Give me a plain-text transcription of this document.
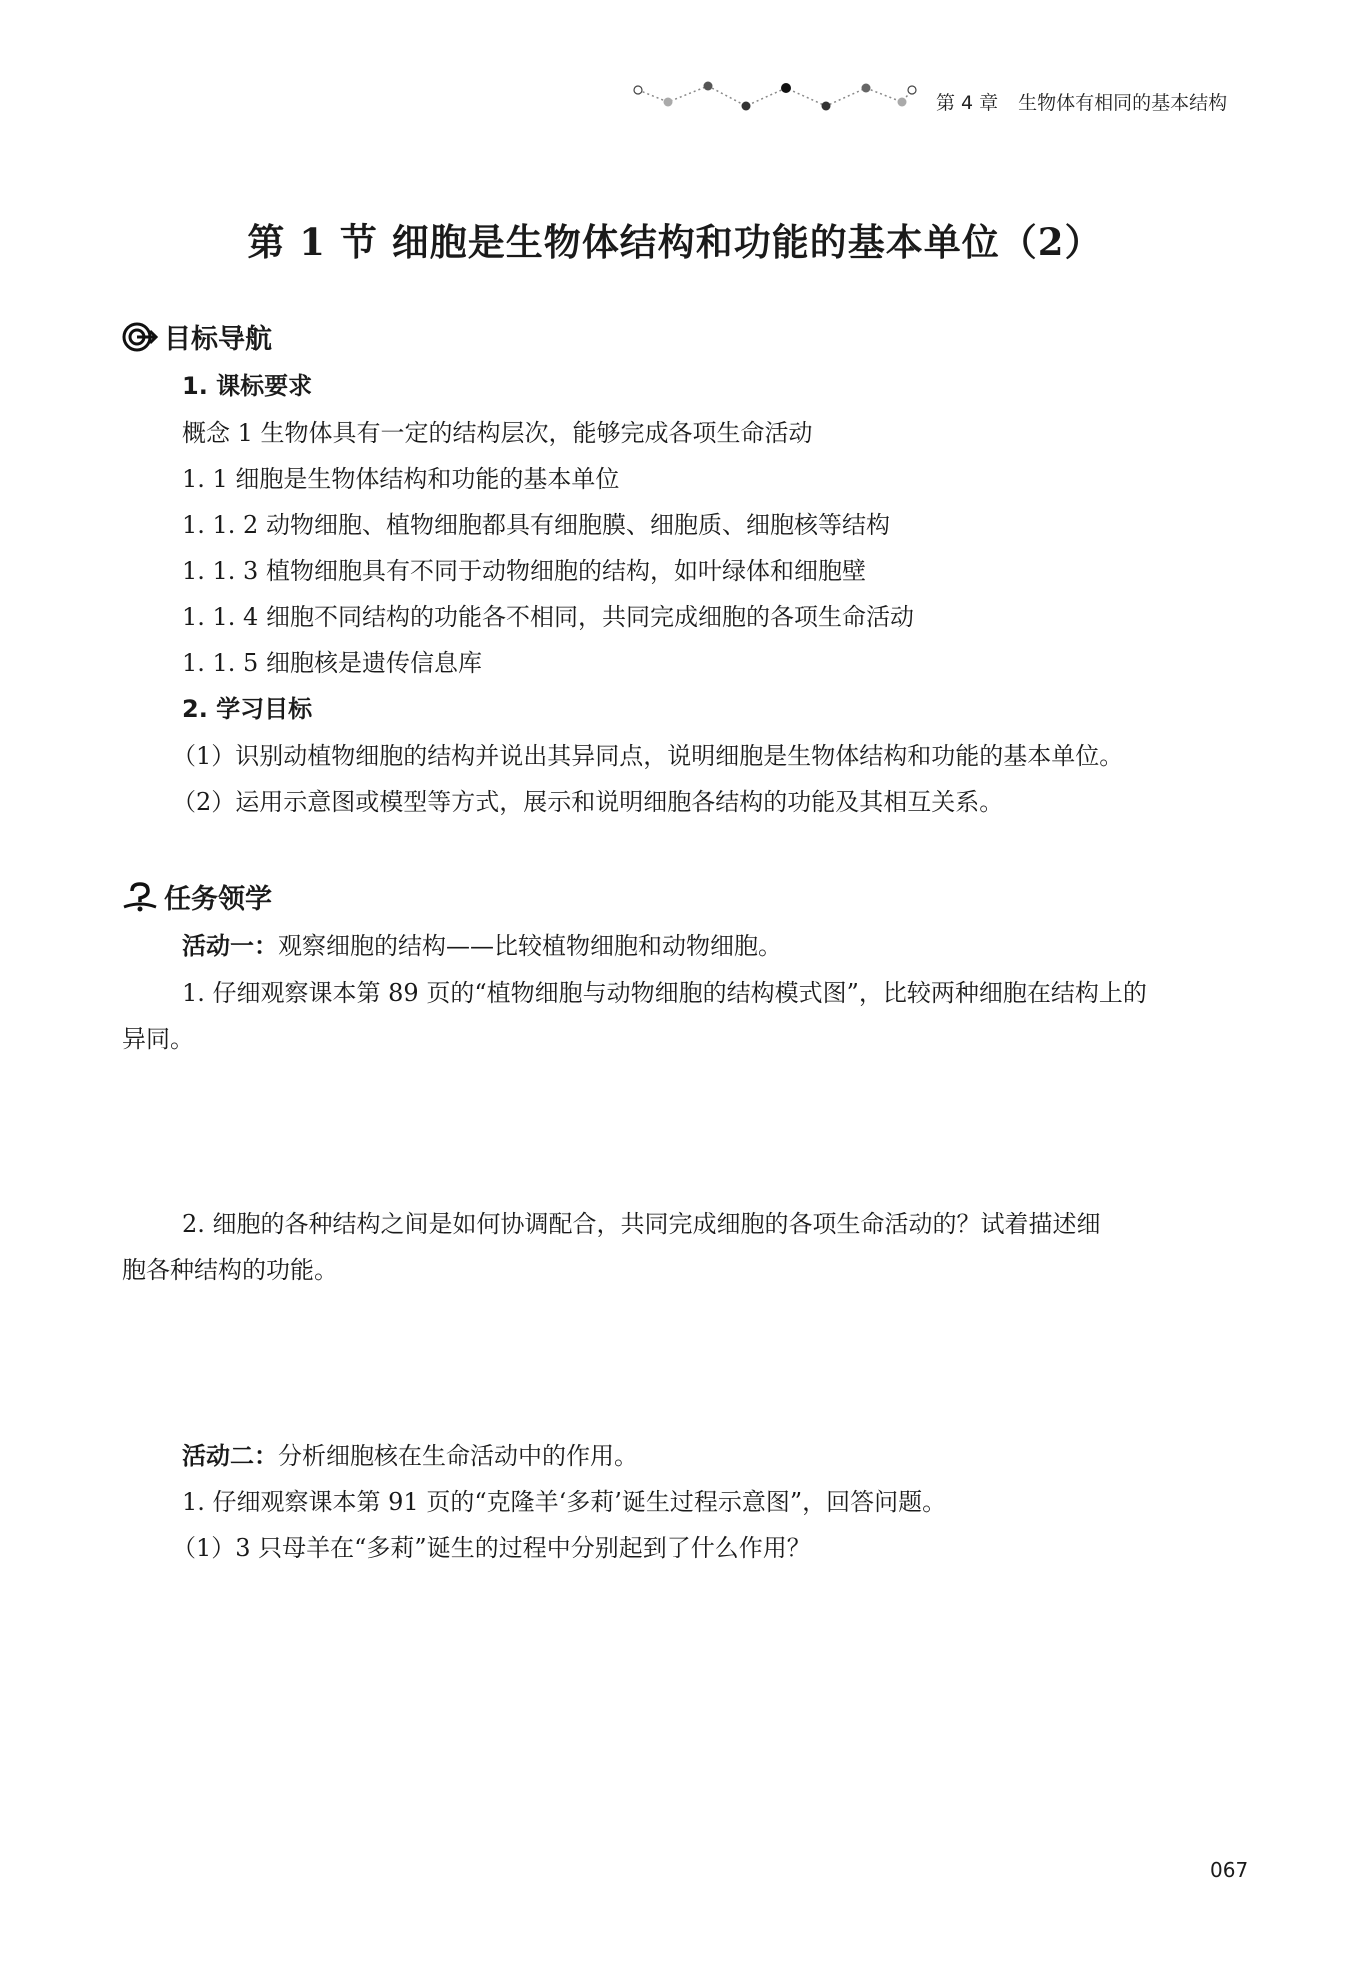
第 4 章 生物体有相同的基本结构
第 1 节 细胞是生物体结构和功能的基本单位（2）
目标导航
1. 课标要求
概念 1 生物体具有一定的结构层次，能够完成各项生命活动
1. 1 细胞是生物体结构和功能的基本单位
1. 1. 2 动物细胞、植物细胞都具有细胞膜、细胞质、细胞核等结构
1. 1. 3 植物细胞具有不同于动物细胞的结构，如叶绿体和细胞壁
1. 1. 4 细胞不同结构的功能各不相同，共同完成细胞的各项生命活动
1. 1. 5 细胞核是遗传信息库
2. 学习目标
（1）识别动植物细胞的结构并说出其异同点，说明细胞是生物体结构和功能的基本单位。
（2）运用示意图或模型等方式，展示和说明细胞各结构的功能及其相互关系。
任务领学
活动一：观察细胞的结构——比较植物细胞和动物细胞。
1. 仔细观察课本第 89 页的“植物细胞与动物细胞的结构模式图”，比较两种细胞在结构上的
异同。
2. 细胞的各种结构之间是如何协调配合，共同完成细胞的各项生命活动的？试着描述细
胞各种结构的功能。
活动二：分析细胞核在生命活动中的作用。
1. 仔细观察课本第 91 页的“克隆羊‘多莉’诞生过程示意图”，回答问题。
（1）3 只母羊在“多莉”诞生的过程中分别起到了什么作用？
067
